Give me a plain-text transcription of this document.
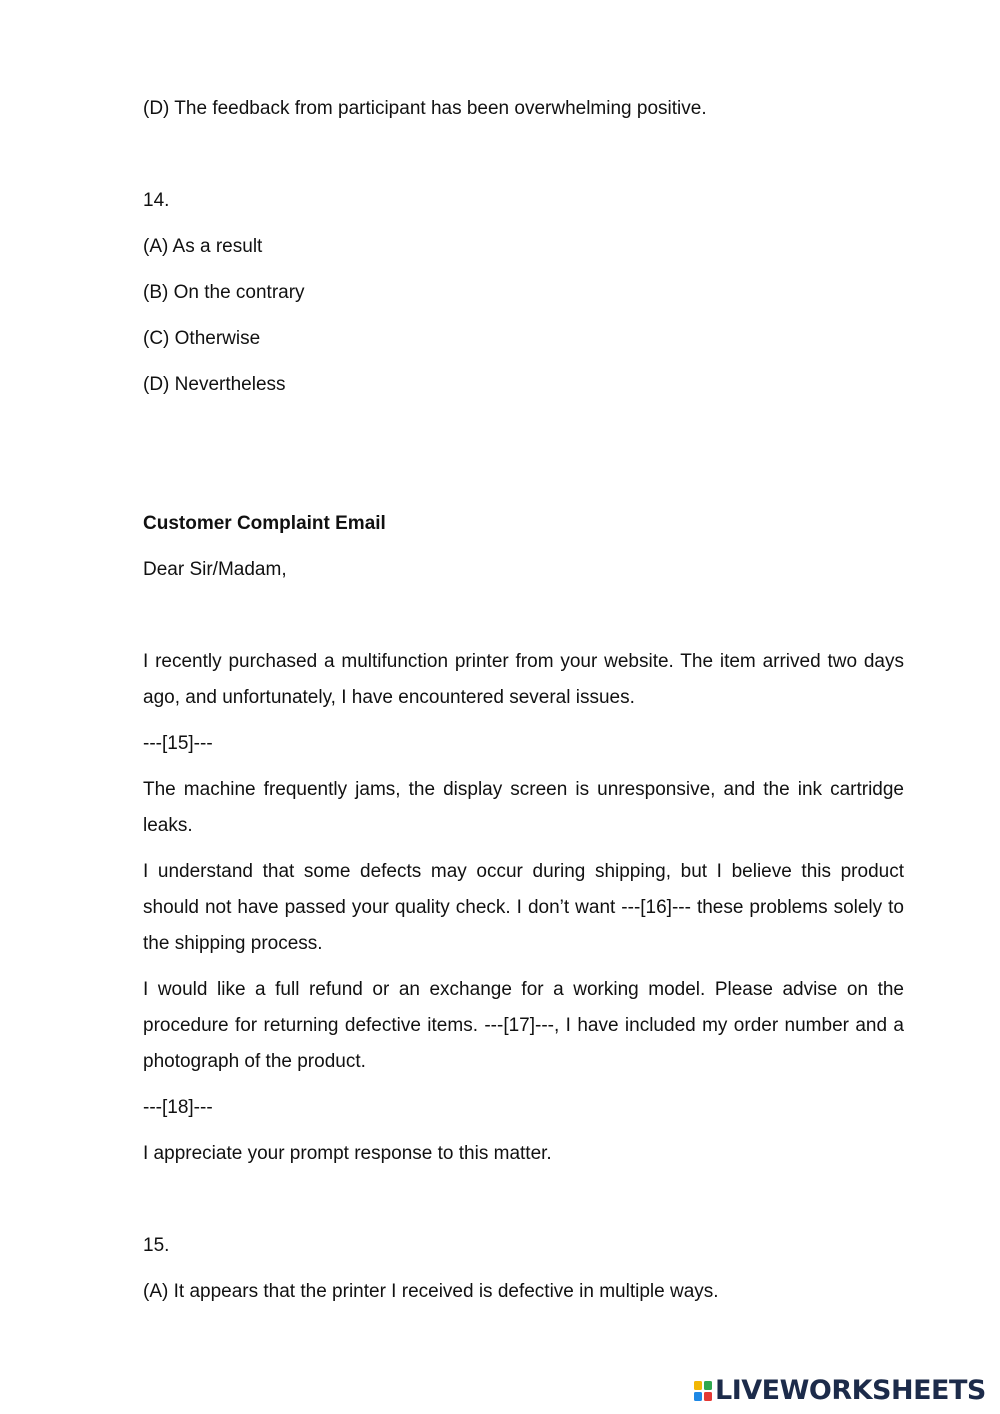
(D) The feedback from participant has been overwhelming positive.
14.
(A) As a result
(B) On the contrary
(C) Otherwise
(D) Nevertheless
Customer Complaint Email
Dear Sir/Madam,

I recently purchased a multifunction printer from your website. The item arrived two days ago, and unfortunately, I have encountered several issues.

---[15]---

The machine frequently jams, the display screen is unresponsive, and the ink cartridge leaks.

I understand that some defects may occur during shipping, but I believe this product should not have passed your quality check. I don’t want ---[16]--- these problems solely to the shipping process.

I would like a full refund or an exchange for a working model. Please advise on the procedure for returning defective items. ---[17]---, I have included my order number and a photograph of the product.

---[18]---
I appreciate your prompt response to this matter.
15.
(A) It appears that the printer I received is defective in multiple ways.
LIVEWORKSHEETS
